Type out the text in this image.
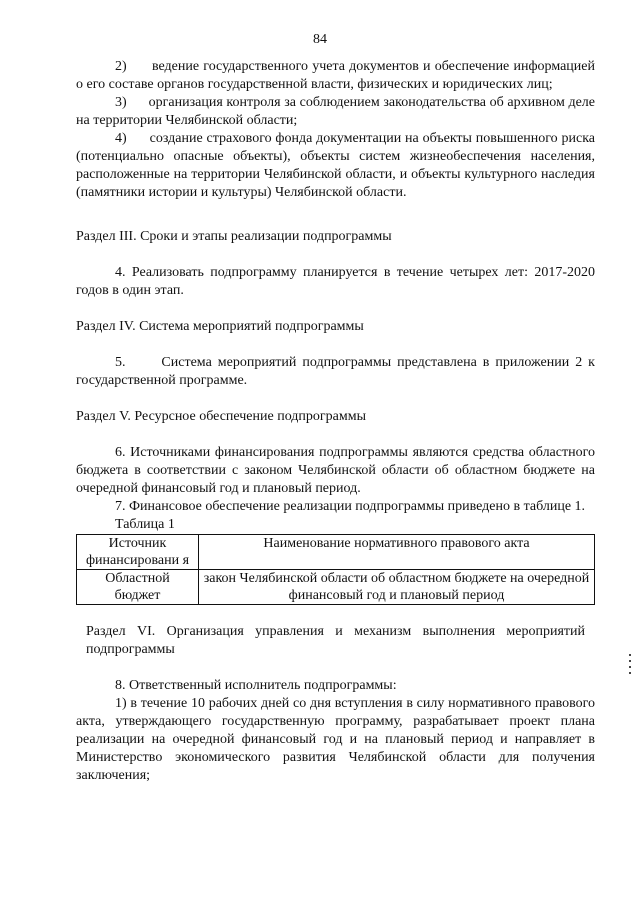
84

2) ведение государственного учета документов и обеспечение информацией о его составе органов государственной власти, физических и юридических лиц;

3) организация контроля за соблюдением законодательства об архивном деле на территории Челябинской области;

4) создание страхового фонда документации на объекты повышенного риска (потенциально опасные объекты), объекты систем жизнеобеспечения населения, расположенные на территории Челябинской области, и объекты культурного наследия (памятники истории и культуры) Челябинской области.

Раздел III. Сроки и этапы реализации подпрограммы

4. Реализовать подпрограмму планируется в течение четырех лет: 2017-2020 годов в один этап.

Раздел IV. Система мероприятий подпрограммы

5.      Система мероприятий подпрограммы представлена в приложении 2 к государственной программе.

Раздел V. Ресурсное обеспечение подпрограммы

6. Источниками финансирования подпрограммы являются средства областного бюджета в соответствии с законом Челябинской области об областном бюджете на очередной финансовый год и плановый период.

7. Финансовое обеспечение реализации подпрограммы приведено в таблице 1.

Таблица 1

Источник финансировани я	Наименование нормативного правового акта
Областной бюджет	закон Челябинской области об областном бюджете на очередной финансовый год и плановый период

Раздел VI. Организация управления и механизм выполнения мероприятий подпрограммы

8. Ответственный исполнитель подпрограммы:

1) в течение 10 рабочих дней со дня вступления в силу нормативного правового акта, утверждающего государственную программу, разрабатывает проект плана реализации на очередной финансовый год и на плановый период и направляет в Министерство экономического развития Челябинской области для получения заключения;
